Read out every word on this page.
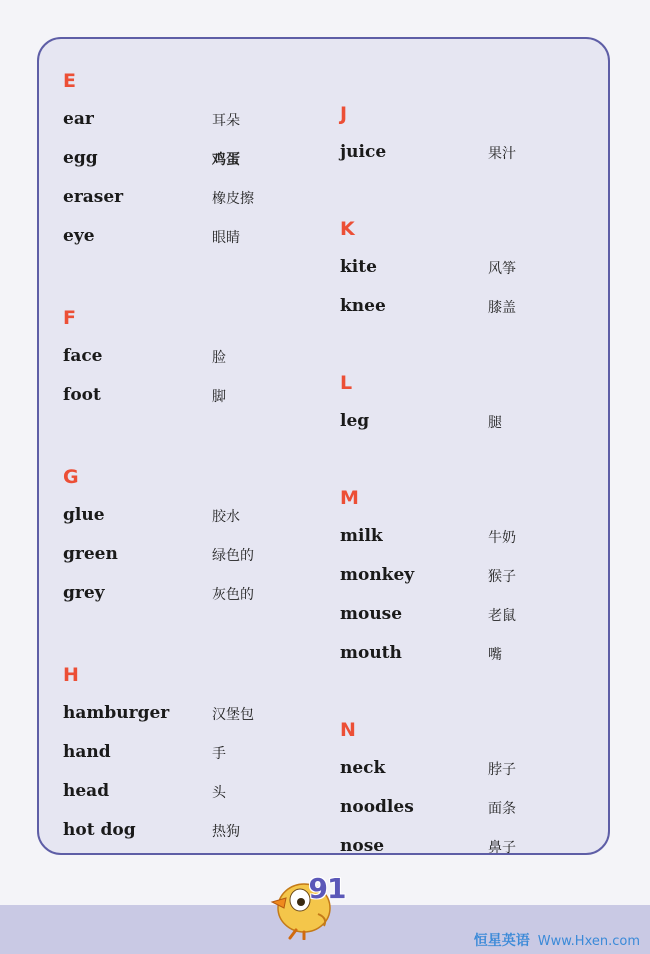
E
ear	耳朵
egg	鸡蛋
eraser	橡皮擦
eye	眼睛
F
face	脸
foot	脚
G
glue	胶水
green	绿色的
grey	灰色的
H
hamburger	汉堡包
hand	手
head	头
hot dog	热狗
J
juice	果汁
K
kite	风筝
knee	膝盖
L
leg	腿
M
milk	牛奶
monkey	猴子
mouse	老鼠
mouth	嘴
N
neck	脖子
noodles	面条
nose	鼻子
91
恒星英语 Www.Hxen.com
